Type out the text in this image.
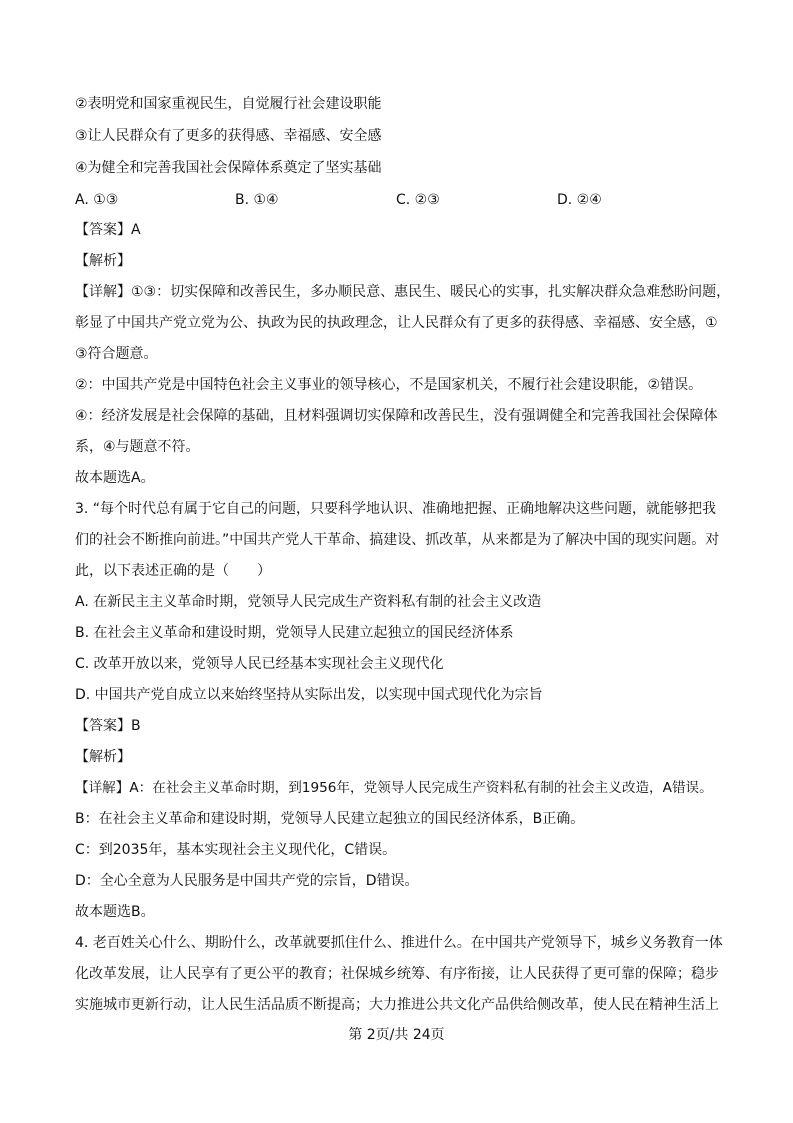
②表明党和国家重视民生，自觉履行社会建设职能
③让人民群众有了更多的获得感、幸福感、安全感
④为健全和完善我国社会保障体系奠定了坚实基础
A. ①③	B. ①④	C. ②③	D. ②④
【答案】A
【解析】
【详解】①③：切实保障和改善民生，多办顺民意、惠民生、暖民心的实事，扎实解决群众急难愁盼问题，
彰显了中国共产党立党为公、执政为民的执政理念，让人民群众有了更多的获得感、幸福感、安全感，①
③符合题意。
②：中国共产党是中国特色社会主义事业的领导核心，不是国家机关，不履行社会建设职能，②错误。
④：经济发展是社会保障的基础，且材料强调切实保障和改善民生，没有强调健全和完善我国社会保障体
系，④与题意不符。
故本题选A。
3. “每个时代总有属于它自己的问题，只要科学地认识、准确地把握、正确地解决这些问题，就能够把我
们的社会不断推向前进。”中国共产党人干革命、搞建设、抓改革，从来都是为了解决中国的现实问题。对
此，以下表述正确的是（　　）
A. 在新民主主义革命时期，党领导人民完成生产资料私有制的社会主义改造
B. 在社会主义革命和建设时期，党领导人民建立起独立的国民经济体系
C. 改革开放以来，党领导人民已经基本实现社会主义现代化
D. 中国共产党自成立以来始终坚持从实际出发，以实现中国式现代化为宗旨
【答案】B
【解析】
【详解】A：在社会主义革命时期，到1956年，党领导人民完成生产资料私有制的社会主义改造，A错误。
B：在社会主义革命和建设时期，党领导人民建立起独立的国民经济体系，B正确。
C：到2035年，基本实现社会主义现代化，C错误。
D：全心全意为人民服务是中国共产党的宗旨，D错误。
故本题选B。
4. 老百姓关心什么、期盼什么，改革就要抓住什么、推进什么。在中国共产党领导下，城乡义务教育一体
化改革发展，让人民享有了更公平的教育；社保城乡统筹、有序衔接，让人民获得了更可靠的保障；稳步
实施城市更新行动，让人民生活品质不断提高；大力推进公共文化产品供给侧改革，使人民在精神生活上
第 2页/共 24页
